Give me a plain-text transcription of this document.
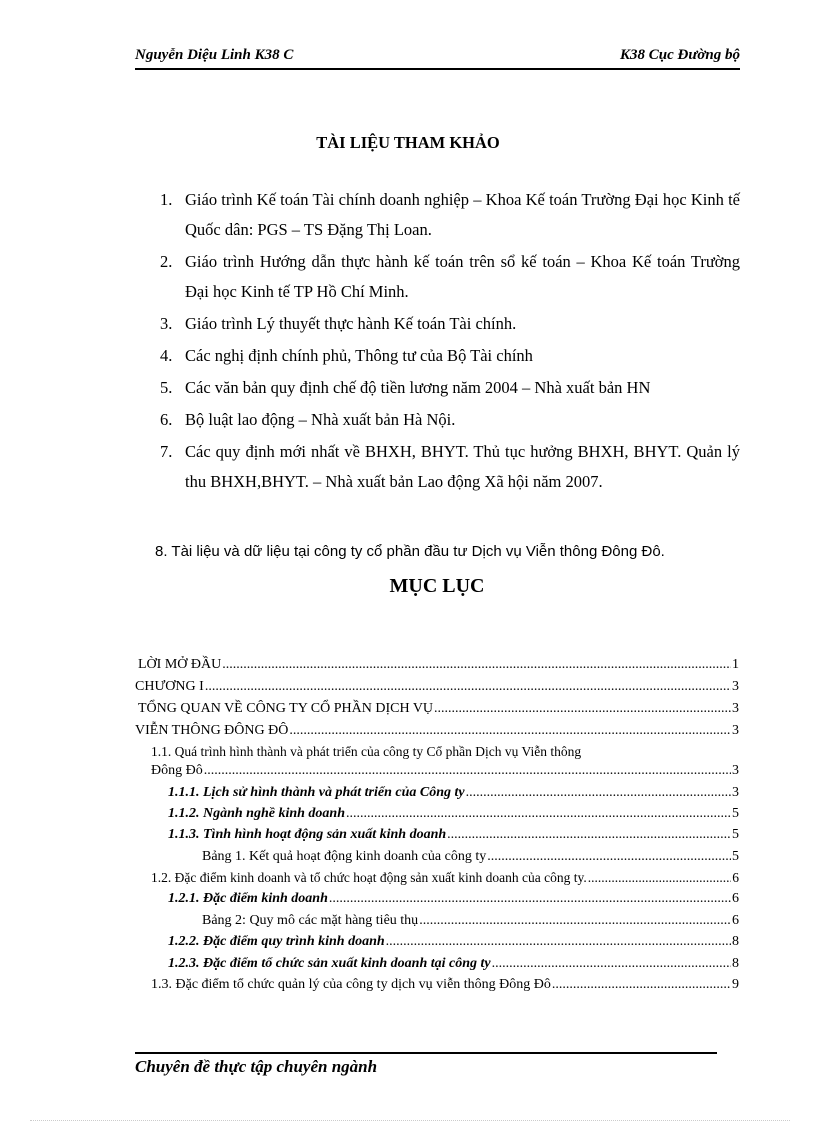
Nguyễn Diệu Linh K38 C	K38 Cục Đường bộ
TÀI LIỆU THAM KHẢO
1. Giáo trình Kế toán Tài chính doanh nghiệp – Khoa Kế toán Trường Đại học Kinh tế Quốc dân: PGS – TS Đặng Thị Loan.
2. Giáo trình Hướng dẫn thực hành kế toán trên sổ kế toán – Khoa Kế toán Trường Đại học Kinh tế TP Hồ Chí Minh.
3. Giáo trình Lý thuyết thực hành Kế toán Tài chính.
4. Các nghị định chính phủ, Thông tư của Bộ Tài chính
5. Các văn bản quy định chế độ tiền lương năm 2004 – Nhà xuất bản HN
6. Bộ luật lao động – Nhà xuất bản Hà Nội.
7. Các quy định mới nhất về BHXH, BHYT. Thủ tục hưởng BHXH, BHYT. Quản lý thu BHXH,BHYT. – Nhà xuất bản Lao động Xã hội năm 2007.
8. Tài liệu và dữ liệu tại công ty cổ phần đầu tư Dịch vụ Viễn thông Đông Đô.
MỤC LỤC
LỜI MỞ ĐẦU .....	1
CHƯƠNG I .....	3
TỔNG QUAN VỀ CÔNG TY CỔ PHẦN DỊCH VỤ .....	3
VIỄN THÔNG ĐÔNG ĐÔ .....	3
1.1. Quá trình hình thành và phát triển của công ty Cổ phần Dịch vụ Viễn thông
Đông Đô .....	3
1.1.1. Lịch sử hình thành và phát triển của Công ty .....	3
1.1.2. Ngành nghề kinh doanh .....	5
1.1.3. Tình hình hoạt động sản xuất kinh doanh .....	5
Bảng 1. Kết quả hoạt động kinh doanh của công ty .....	5
1.2. Đặc điểm kinh doanh và tổ chức hoạt động sản xuất kinh doanh của công ty. .....	6
1.2.1. Đặc điểm kinh doanh .....	6
Bảng 2: Quy mô các mặt hàng tiêu thụ .....	6
1.2.2. Đặc điểm quy trình kinh doanh .....	8
1.2.3. Đặc điểm tổ chức sản xuất kinh doanh tại công ty .....	8
1.3. Đặc điểm tổ chức quản lý của công ty dịch vụ viễn thông Đông Đô .....	9
Chuyên đề thực tập chuyên ngành
